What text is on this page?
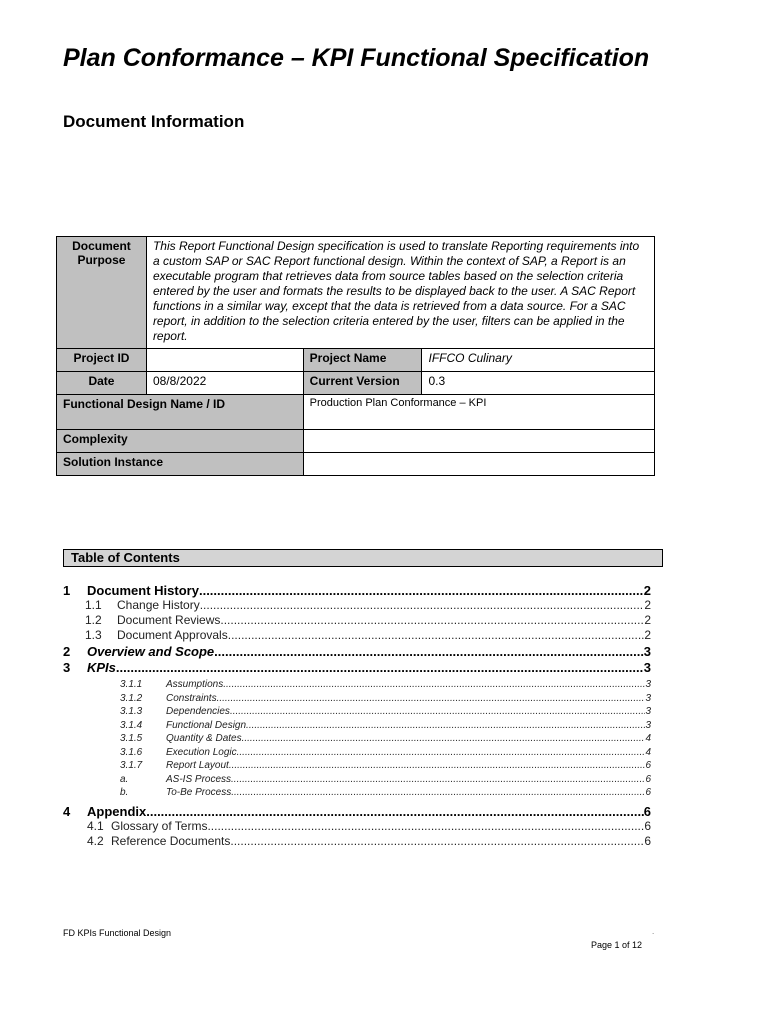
Plan Conformance – KPI Functional Specification
Document Information
Document Purpose	This Report Functional Design specification is used to translate Reporting requirements into a custom SAP or SAC Report functional design. Within the context of SAP, a Report is an executable program that retrieves data from source tables based on the selection criteria entered by the user and formats the results to be displayed back to the user. A SAC Report functions in a similar way, except that the data is retrieved from a data source. For a SAC report, in addition to the selection criteria entered by the user, filters can be applied in the report.		
Project ID		Project Name	IFFCO Culinary
Date	08/8/2022	Current Version	0.3
Functional Design Name / ID		Production Plan Conformance – KPI	
Complexity			
Solution Instance			
Table of Contents
1	Document History .....	2
1.1	Change History .....	2
1.2	Document Reviews .....	2
1.3	Document Approvals .....	2
2	Overview and Scope .....	3
3	KPIs .....	3
3.1.1	Assumptions .....	3
3.1.2	Constraints .....	3
3.1.3	Dependencies .....	3
3.1.4	Functional Design .....	3
3.1.5	Quantity & Dates .....	4
3.1.6	Execution Logic .....	4
3.1.7	Report Layout .....	6
a.	AS-IS Process .....	6
b.	To-Be Process .....	6
4	Appendix .....	6
4.1 Glossary of Terms .....	6
4.2 Reference Documents .....	6
FD KPIs Functional Design	.
Page 1 of 12
